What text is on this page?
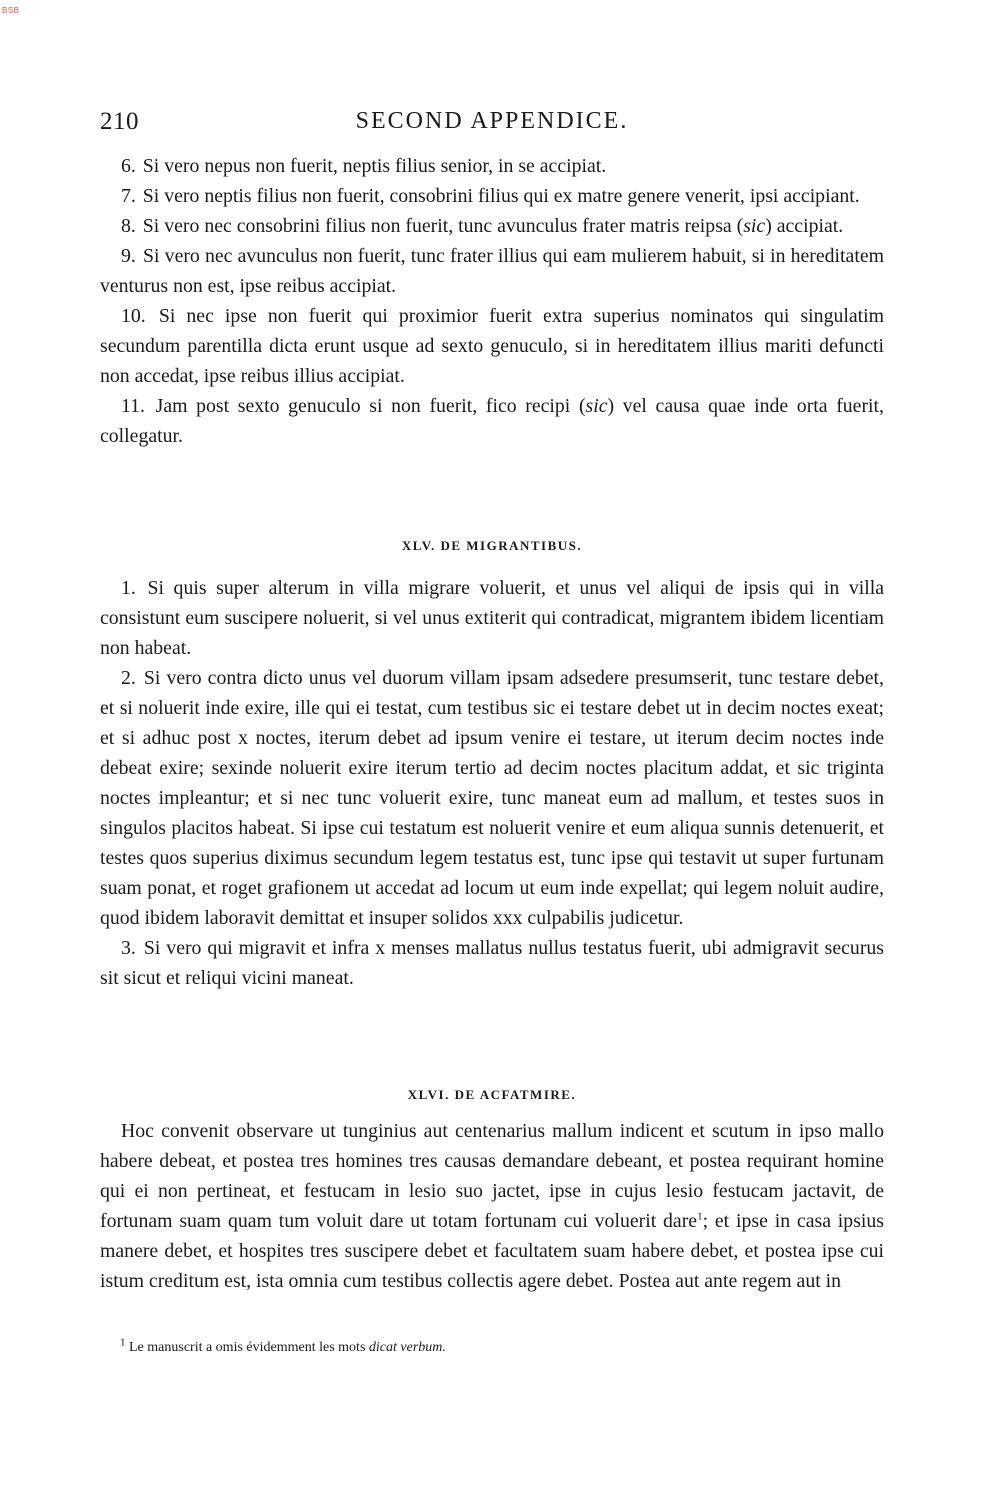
BSB
210	SECOND APPENDICE.

6. Si vero nepus non fuerit, neptis filius senior, in se accipiat.

7. Si vero neptis filius non fuerit, consobrini filius qui ex matre genere venerit, ipsi accipiant.

8. Si vero nec consobrini filius non fuerit, tunc avunculus frater matris reipsa (sic) accipiat.

9. Si vero nec avunculus non fuerit, tunc frater illius qui eam mulierem habuit, si in hereditatem venturus non est, ipse reibus accipiat.

10. Si nec ipse non fuerit qui proximior fuerit extra superius nominatos qui singulatim secundum parentilla dicta erunt usque ad sexto genuculo, si in hereditatem illius mariti defuncti non accedat, ipse reibus illius accipiat.

11. Jam post sexto genuculo si non fuerit, fico recipi (sic) vel causa quae inde orta fuerit, collegatur.

XLV. DE MIGRANTIBUS.

1. Si quis super alterum in villa migrare voluerit, et unus vel aliqui de ipsis qui in villa consistunt eum suscipere noluerit, si vel unus extiterit qui contradicat, migrantem ibidem licentiam non habeat.

2. Si vero contra dicto unus vel duorum villam ipsam adsedere presumserit, tunc testare debet, et si noluerit inde exire, ille qui ei testat, cum testibus sic ei testare debet ut in decim noctes exeat; et si adhuc post x noctes, iterum debet ad ipsum venire ei testare, ut iterum decim noctes inde debeat exire; sexinde noluerit exire iterum tertio ad decim noctes placitum addat, et sic triginta noctes impleantur; et si nec tunc voluerit exire, tunc maneat eum ad mallum, et testes suos in singulos placitos habeat. Si ipse cui testatum est noluerit venire et eum aliqua sunnis detenuerit, et testes quos superius diximus secundum legem testatus est, tunc ipse qui testavit ut super furtunam suam ponat, et roget grafionem ut accedat ad locum ut eum inde expellat; qui legem noluit audire, quod ibidem laboravit demittat et insuper solidos xxx culpabilis judicetur.

3. Si vero qui migravit et infra x menses mallatus nullus testatus fuerit, ubi admigravit securus sit sicut et reliqui vicini maneat.

XLVI. DE ACFATMIRE.

Hoc convenit observare ut tunginius aut centenarius mallum indicent et scutum in ipso mallo habere debeat, et postea tres homines tres causas demandare debeant, et postea requirant homine qui ei non pertineat, et festucam in lesio suo jactet, ipse in cujus lesio festucam jactavit, de fortunam suam quam tum voluit dare ut totam fortunam cui voluerit dare$^1$; et ipse in casa ipsius manere debet, et hospites tres suscipere debet et facultatem suam habere debet, et postea ipse cui istum creditum est, ista omnia cum testibus collectis agere debet. Postea aut ante regem aut in

$^1$ Le manuscrit a omis évidemment les mots dicat verbum.
